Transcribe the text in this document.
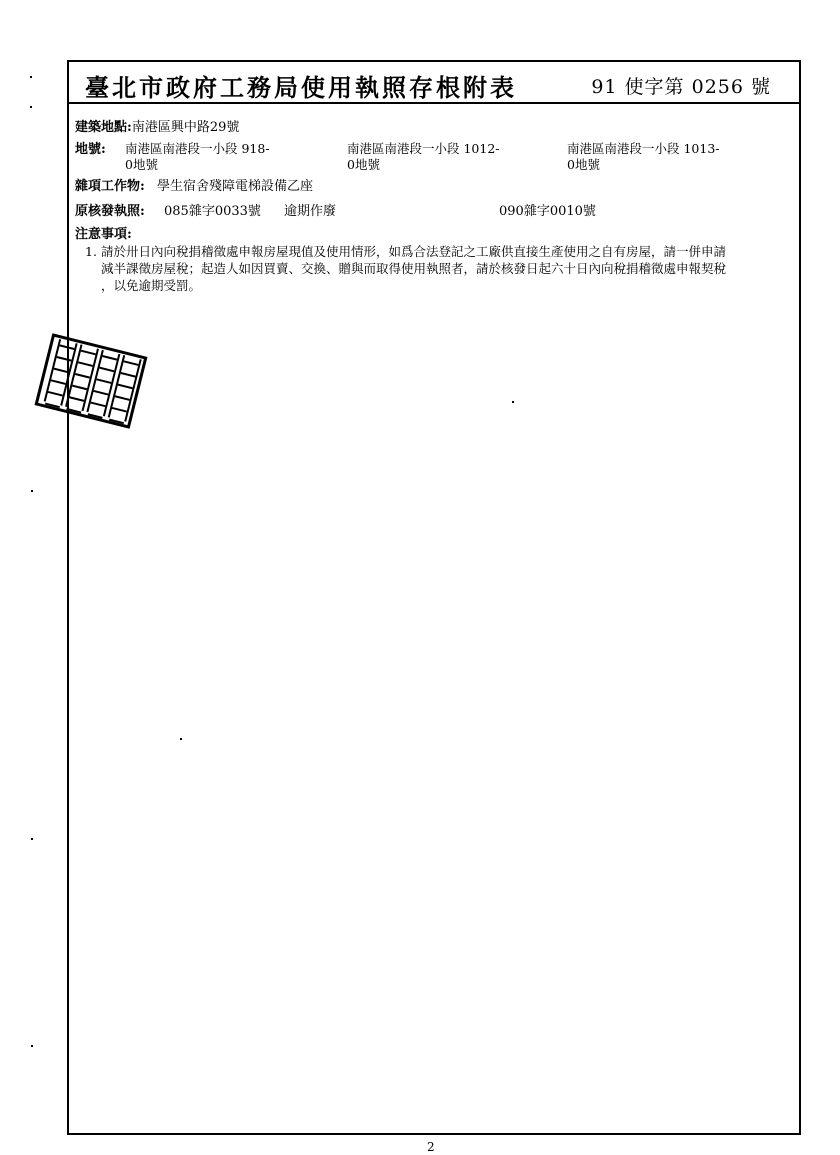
臺北市政府工務局使用執照存根附表	91 使字第 0256 號
建築地點:南港區興中路29號
地號: 南港區南港段一小段 918-
0地號
南港區南港段一小段 1012-
0地號
南港區南港段一小段 1013-
0地號
雜項工作物: 學生宿舍殘障電梯設備乙座
原核發執照: 085雜字0033號 逾期作廢	090雜字0010號
注意事項:
1. 請於卅日內向稅捐稽徵處申報房屋現值及使用情形，如爲合法登記之工廠供直接生產使用之自有房屋，請一併申請
減半課徵房屋稅；起造人如因買賣、交換、贈與而取得使用執照者，請於核發日起六十日內向稅捐稽徵處申報契稅
，以免逾期受罰。
2
